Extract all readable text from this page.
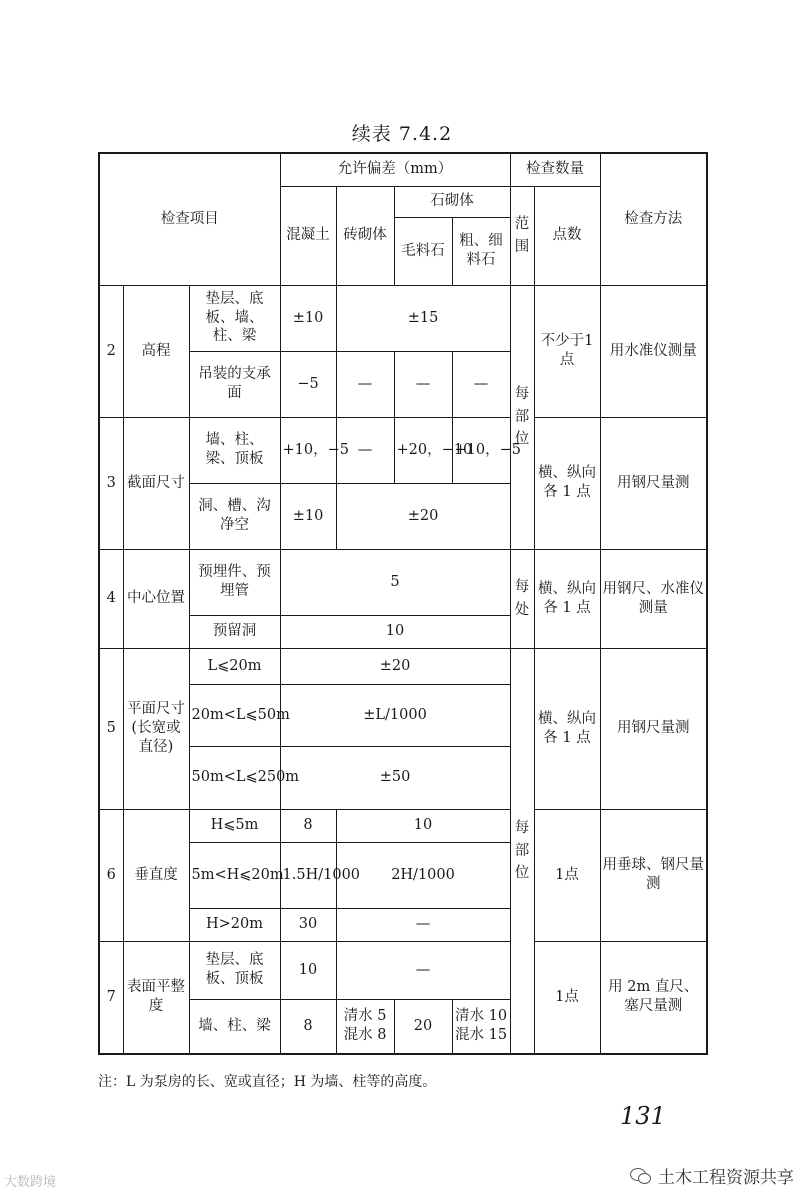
续表 7.4.2
检查项目			允许偏差（mm）				检查数量		检查方法
			混凝土	砖砌体	石砌体		范围	点数	
					毛料石	粗、细料石			
2	高程	垫层、底板、墙、柱、梁	±10	±15			每部位	不少于1点	用水准仪测量
		吊装的支承面	−5	—	—	—			
3	截面尺寸	墙、柱、梁、顶板	+10，−5	—	+20，−10	+10，−5		横、纵向各 1 点	用钢尺量测
		洞、槽、沟净空	±10	±20					
4	中心位置	预埋件、预埋管	5				每处	横、纵向各 1 点	用钢尺、水准仪测量
		预留洞	10						
5	平面尺寸(长宽或直径)	L⩽20m	±20				每部位	横、纵向各 1 点	用钢尺量测
		20m<L⩽50m	±L/1000						
		50m<L⩽250m	±50						
6	垂直度	H⩽5m	8	10				1点	用垂球、钢尺量测
		5m<H⩽20m	1.5H/1000	2H/1000					
		H>20m	30	—					
7	表面平整度	垫层、底板、顶板	10	—				1点	用 2m 直尺、塞尺量测
		墙、柱、梁	8	清水 5 混水 8	20	清水 10 混水 15			
注：L 为泵房的长、宽或直径；H 为墙、柱等的高度。
131
大数跨境	土木工程资源共享
